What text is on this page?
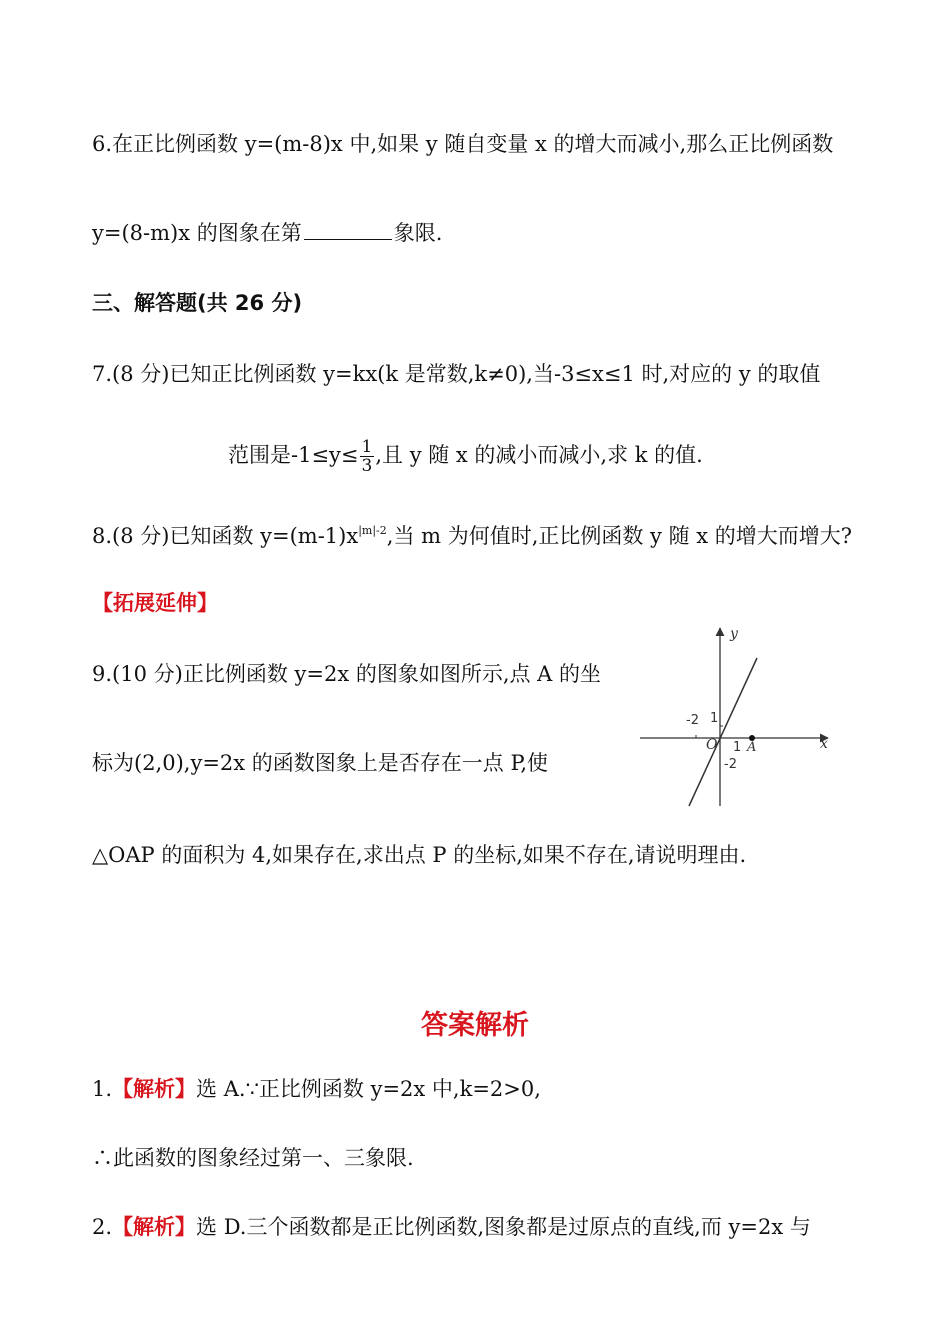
6.在正比例函数 y=(m-8)x 中,如果 y 随自变量 x 的增大而减小,那么正比例函数
y=(8-m)x 的图象在第	象限.
三、解答题(共 26 分)
7.(8 分)已知正比例函数 y=kx(k 是常数,k≠0),当-3≤x≤1 时,对应的 y 的取值
范围是$-1\le y\le \frac{1}{3}$ ,且 y 随 x 的减小而减小,求 k 的值.
8.(8 分)已知函数 $y=(m-1)x^{|m|-2}$,当 m 为何值时,正比例函数 y 随 x 的增大而增大?
【拓展延伸】
9.(10 分)正比例函数 y=2x 的图象如图所示,点 A 的坐
标为(2,0),y=2x 的函数图象上是否存在一点 P,使
△OAP 的面积为 4,如果存在,求出点 P 的坐标,如果不存在,请说明理由.
y
x
O A
-2 1
1
-2
答案解析
1.【解析】选 A.∵正比例函数 y=2x 中,k=2>0,
∴此函数的图象经过第一、三象限.
2.【解析】选 D.三个函数都是正比例函数,图象都是过原点的直线,而 y=2x 与
